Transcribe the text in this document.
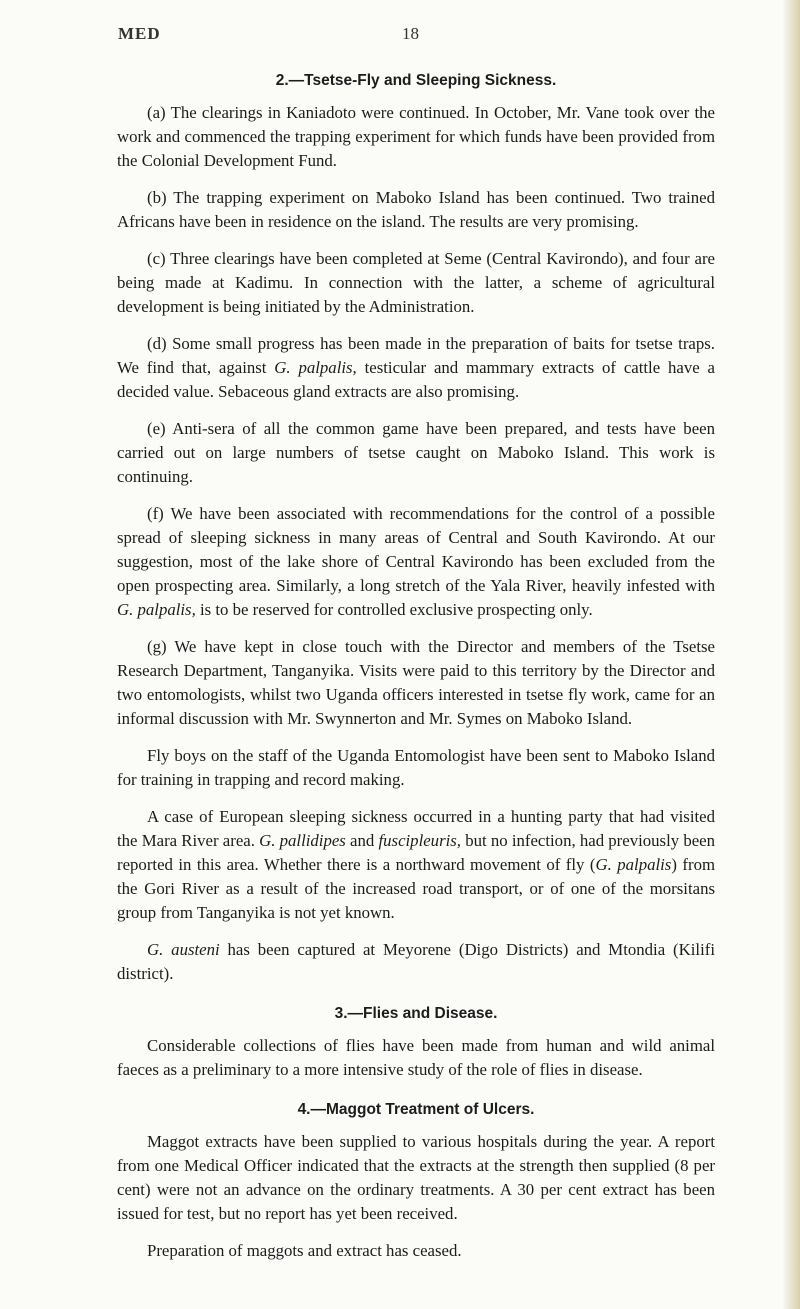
MED	18
2.—Tsetse-Fly and Sleeping Sickness.

(a) The clearings in Kaniadoto were continued. In October, Mr. Vane took over the work and commenced the trapping experiment for which funds have been provided from the Colonial Development Fund.

(b) The trapping experiment on Maboko Island has been continued. Two trained Africans have been in residence on the island. The results are very promising.

(c) Three clearings have been completed at Seme (Central Kavirondo), and four are being made at Kadimu. In connection with the latter, a scheme of agricultural development is being initiated by the Administration.

(d) Some small progress has been made in the preparation of baits for tsetse traps. We find that, against G. palpalis, testicular and mammary extracts of cattle have a decided value. Sebaceous gland extracts are also promising.

(e) Anti-sera of all the common game have been prepared, and tests have been carried out on large numbers of tsetse caught on Maboko Island. This work is continuing.

(f) We have been associated with recommendations for the control of a possible spread of sleeping sickness in many areas of Central and South Kavirondo. At our suggestion, most of the lake shore of Central Kavirondo has been excluded from the open prospecting area. Similarly, a long stretch of the Yala River, heavily infested with G. palpalis, is to be reserved for controlled exclusive prospecting only.

(g) We have kept in close touch with the Director and members of the Tsetse Research Department, Tanganyika. Visits were paid to this territory by the Director and two entomologists, whilst two Uganda officers interested in tsetse fly work, came for an informal discussion with Mr. Swynnerton and Mr. Symes on Maboko Island.

Fly boys on the staff of the Uganda Entomologist have been sent to Maboko Island for training in trapping and record making.

A case of European sleeping sickness occurred in a hunting party that had visited the Mara River area. G. pallidipes and fuscipleuris, but no infection, had previously been reported in this area. Whether there is a northward movement of fly (G. palpalis) from the Gori River as a result of the increased road transport, or of one of the morsitans group from Tanganyika is not yet known.

G. austeni has been captured at Meyorene (Digo Districts) and Mtondia (Kilifi district).

3.—Flies and Disease.

Considerable collections of flies have been made from human and wild animal faeces as a preliminary to a more intensive study of the role of flies in disease.

4.—Maggot Treatment of Ulcers.

Maggot extracts have been supplied to various hospitals during the year. A report from one Medical Officer indicated that the extracts at the strength then supplied (8 per cent) were not an advance on the ordinary treatments. A 30 per cent extract has been issued for test, but no report has yet been received.

Preparation of maggots and extract has ceased.
